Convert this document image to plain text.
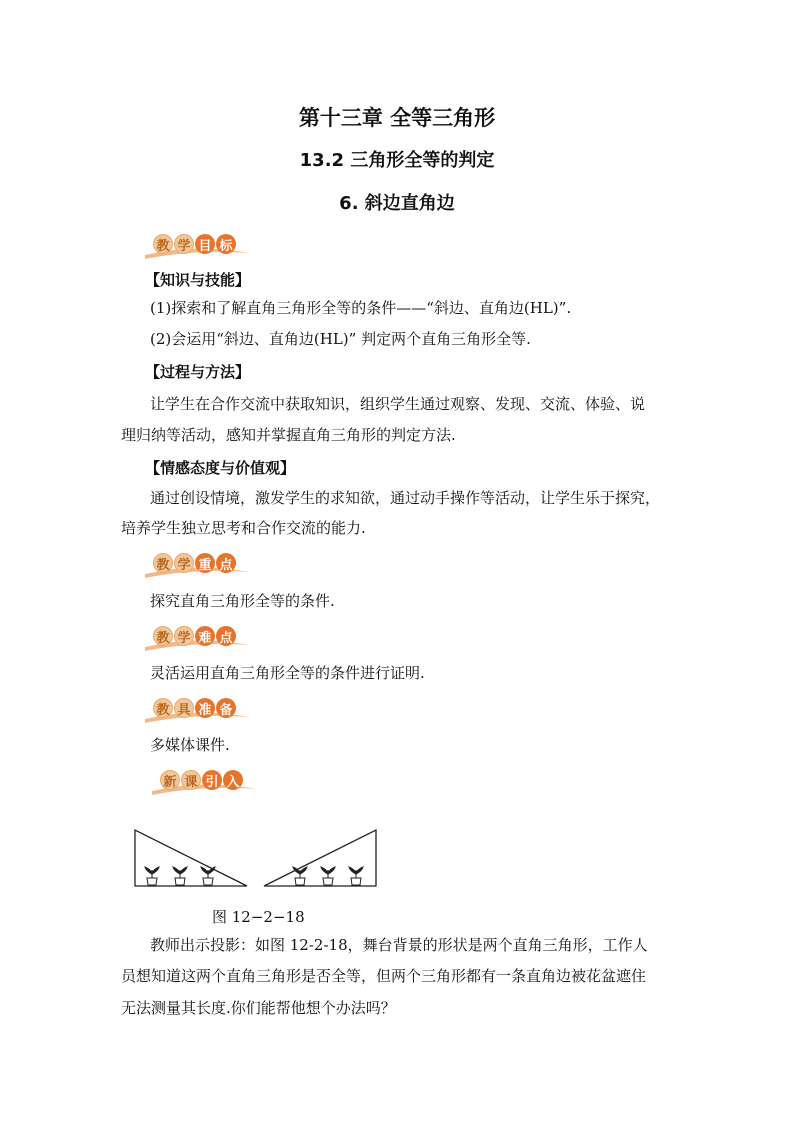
第十三章 全等三角形
13.2 三角形全等的判定
6. 斜边直角边
教 学 目 标
【知识与技能】
(1)探索和了解直角三角形全等的条件——“斜边、直角边(HL)”.
(2)会运用“斜边、直角边(HL)” 判定两个直角三角形全等.
【过程与方法】
让学生在合作交流中获取知识，组织学生通过观察、发现、交流、体验、说
理归纳等活动，感知并掌握直角三角形的判定方法.
【情感态度与价值观】
通过创设情境，激发学生的求知欲，通过动手操作等活动，让学生乐于探究，
培养学生独立思考和合作交流的能力.
教 学 重 点
探究直角三角形全等的条件.
教 学 难 点
灵活运用直角三角形全等的条件进行证明.
教 具 准 备
多媒体课件.
新 课 引 入
图 12−2−18
教师出示投影：如图 12-2-18，舞台背景的形状是两个直角三角形，工作人
员想知道这两个直角三角形是否全等，但两个三角形都有一条直角边被花盆遮住
无法测量其长度.你们能帮他想个办法吗？
